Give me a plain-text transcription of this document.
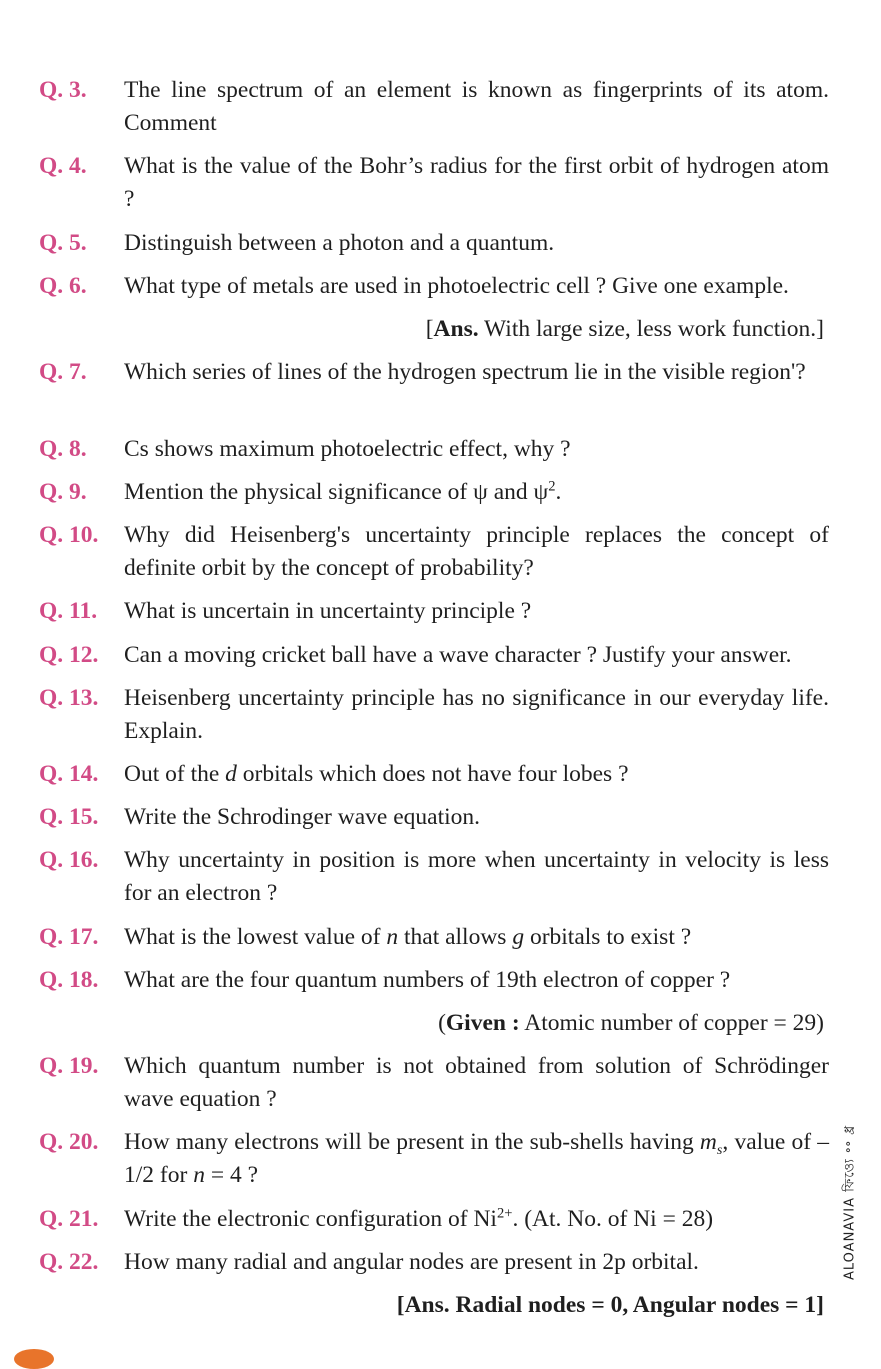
Q. 3. The line spectrum of an element is known as fingerprints of its atom. Comment
Q. 4. What is the value of the Bohr’s radius for the first orbit of hydrogen atom ?
Q. 5. Distinguish between a photon and a quantum.
Q. 6. What type of metals are used in photoelectric cell ? Give one example.
[Ans. With large size, less work function.]
Q. 7. Which series of lines of the hydrogen spectrum lie in the visible region'?
Q. 8. Cs shows maximum photoelectric effect, why ?
Q. 9. Mention the physical significance of ψ and $\psi^2$.
Q. 10. Why did Heisenberg's uncertainty principle replaces the concept of definite orbit by the concept of probability?
Q. 11. What is uncertain in uncertainty principle ?
Q. 12. Can a moving cricket ball have a wave character ? Justify your answer.
Q. 13. Heisenberg uncertainty principle has no significance in our everyday life. Explain.
Q. 14. Out of the d orbitals which does not have four lobes ?
Q. 15. Write the Schrodinger wave equation.
Q. 16. Why uncertainty in position is more when uncertainty in velocity is less for an electron ?
Q. 17. What is the lowest value of n that allows g orbitals to exist ?
Q. 18. What are the four quantum numbers of 19th electron of copper ?
(Given : Atomic number of copper = 29)
Q. 19. Which quantum number is not obtained from solution of Schrödinger wave equation ?
Q. 20. How many electrons will be present in the sub-shells having $m_s$, value of – 1/2 for n = 4 ?
Q. 21. Write the electronic configuration of $Ni^{2+}$. (At. No. of Ni = 28)
Q. 22. How many radial and angular nodes are present in 2p orbital.
[Ans. Radial nodes = 0, Angular nodes = 1]
ALOANAVIA ফিও্যে ॰॰ ধ্র
